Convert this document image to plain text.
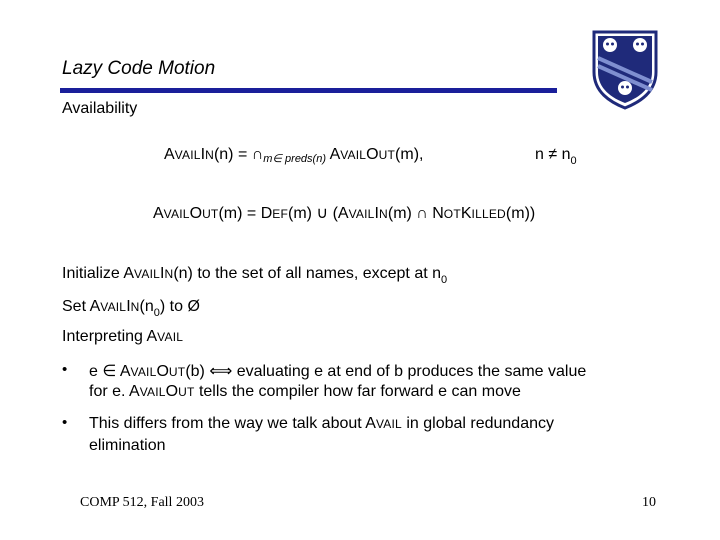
Lazy Code Motion
Availability
AVAILIN(n) = ∩m∈ preds(n) AVAILOUT(m),	$n \ne n_0$
AVAILOUT(m) = DEF(m) ∪ (AVAILIN(m) ∩ NOTKILLED(m))
Initialize AVAILIN(n) to the set of all names, except at $n_0$
Set $AVAILIN(n_0)$ to Ø
Interpreting AVAIL
• e ∈ AVAILOUT(b) ⟺ evaluating e at end of b produces the same value
for e. AVAILOUT tells the compiler how far forward e can move
• This differs from the way we talk about AVAIL in global redundancy
elimination
COMP 512, Fall 2003	10
